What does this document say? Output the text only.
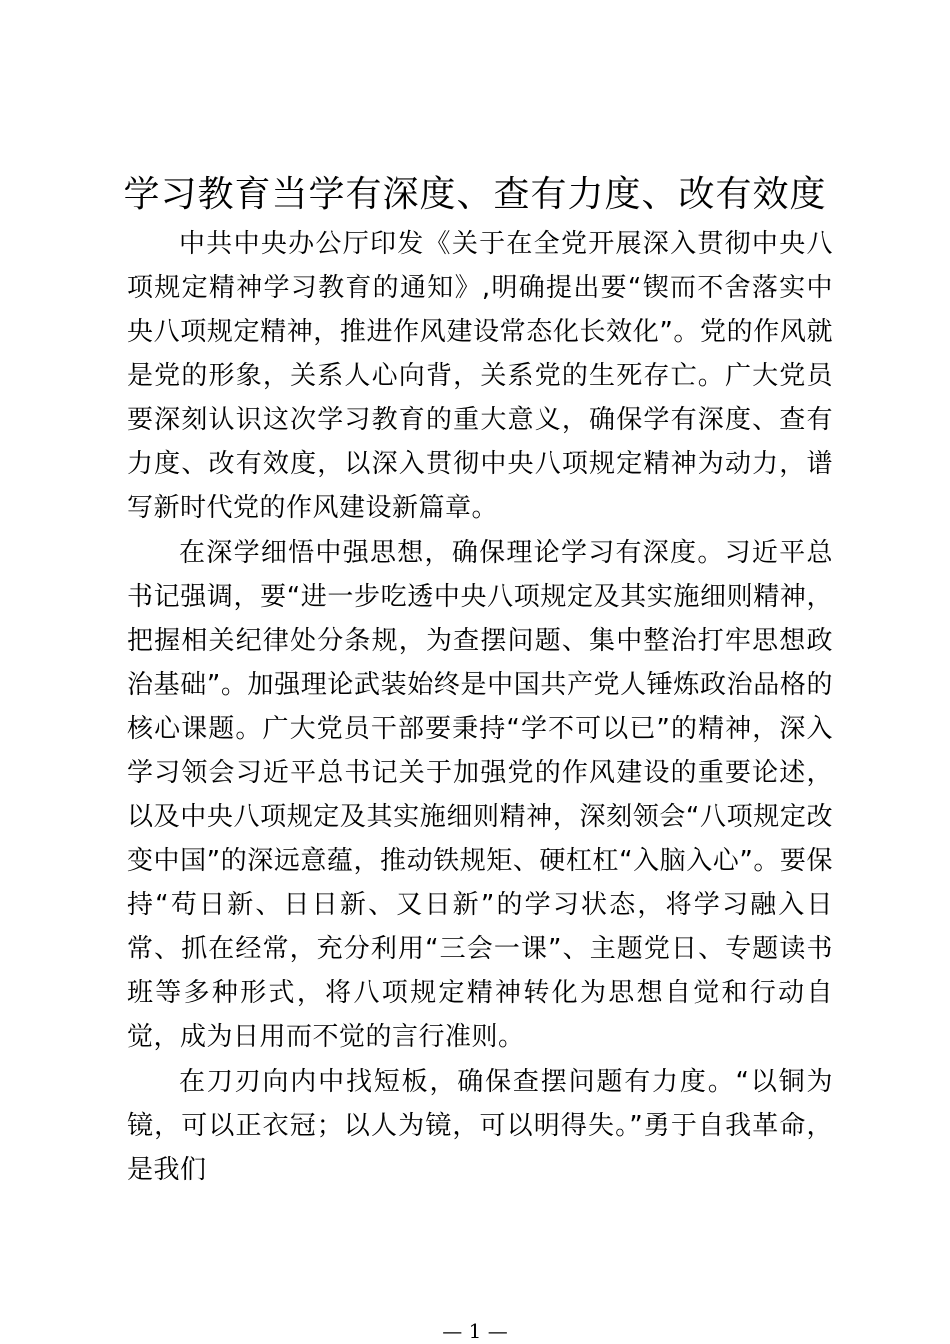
学习教育当学有深度、查有力度、改有效度

中共中央办公厅印发《关于在全党开展深入贯彻中央八项规定精神学习教育的通知》,明确提出要“锲而不舍落实中央八项规定精神，推进作风建设常态化长效化”。党的作风就是党的形象，关系人心向背，关系党的生死存亡。广大党员要深刻认识这次学习教育的重大意义，确保学有深度、查有力度、改有效度，以深入贯彻中央八项规定精神为动力，谱写新时代党的作风建设新篇章。

在深学细悟中强思想，确保理论学习有深度。习近平总书记强调，要“进一步吃透中央八项规定及其实施细则精神，把握相关纪律处分条规，为查摆问题、集中整治打牢思想政治基础”。加强理论武装始终是中国共产党人锤炼政治品格的核心课题。广大党员干部要秉持“学不可以已”的精神，深入学习领会习近平总书记关于加强党的作风建设的重要论述，以及中央八项规定及其实施细则精神，深刻领会“八项规定改变中国”的深远意蕴，推动铁规矩、硬杠杠“入脑入心”。要保持“苟日新、日日新、又日新”的学习状态，将学习融入日常、抓在经常，充分利用“三会一课”、主题党日、专题读书班等多种形式，将八项规定精神转化为思想自觉和行动自觉，成为日用而不觉的言行准则。

在刀刃向内中找短板，确保查摆问题有力度。“以铜为镜，可以正衣冠；以人为镜，可以明得失。”勇于自我革命，是我们

— 1 —
